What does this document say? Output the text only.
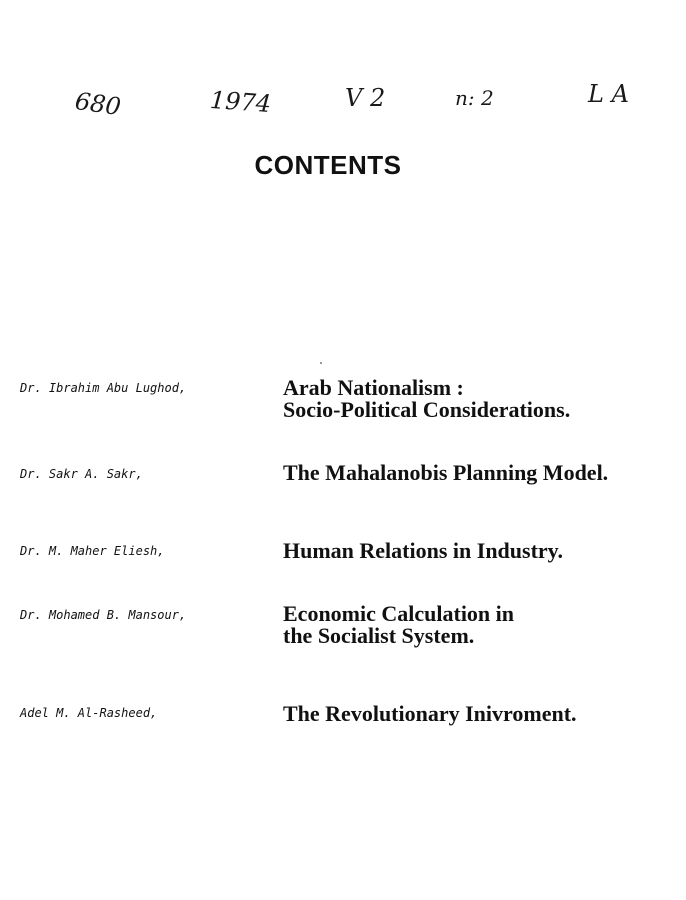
680	1974	V 2	n: 2	L A
CONTENTS
Dr. Ibrahim Abu Lughod,	Arab Nationalism :
Socio-Political Considerations.
Dr. Sakr A. Sakr,	The Mahalanobis Planning Model.
Dr. M. Maher Eliesh,	Human Relations in Industry.
Dr. Mohamed B. Mansour,	Economic Calculation in
the Socialist System.
Adel M. Al-Rasheed,	The Revolutionary Inivroment.
